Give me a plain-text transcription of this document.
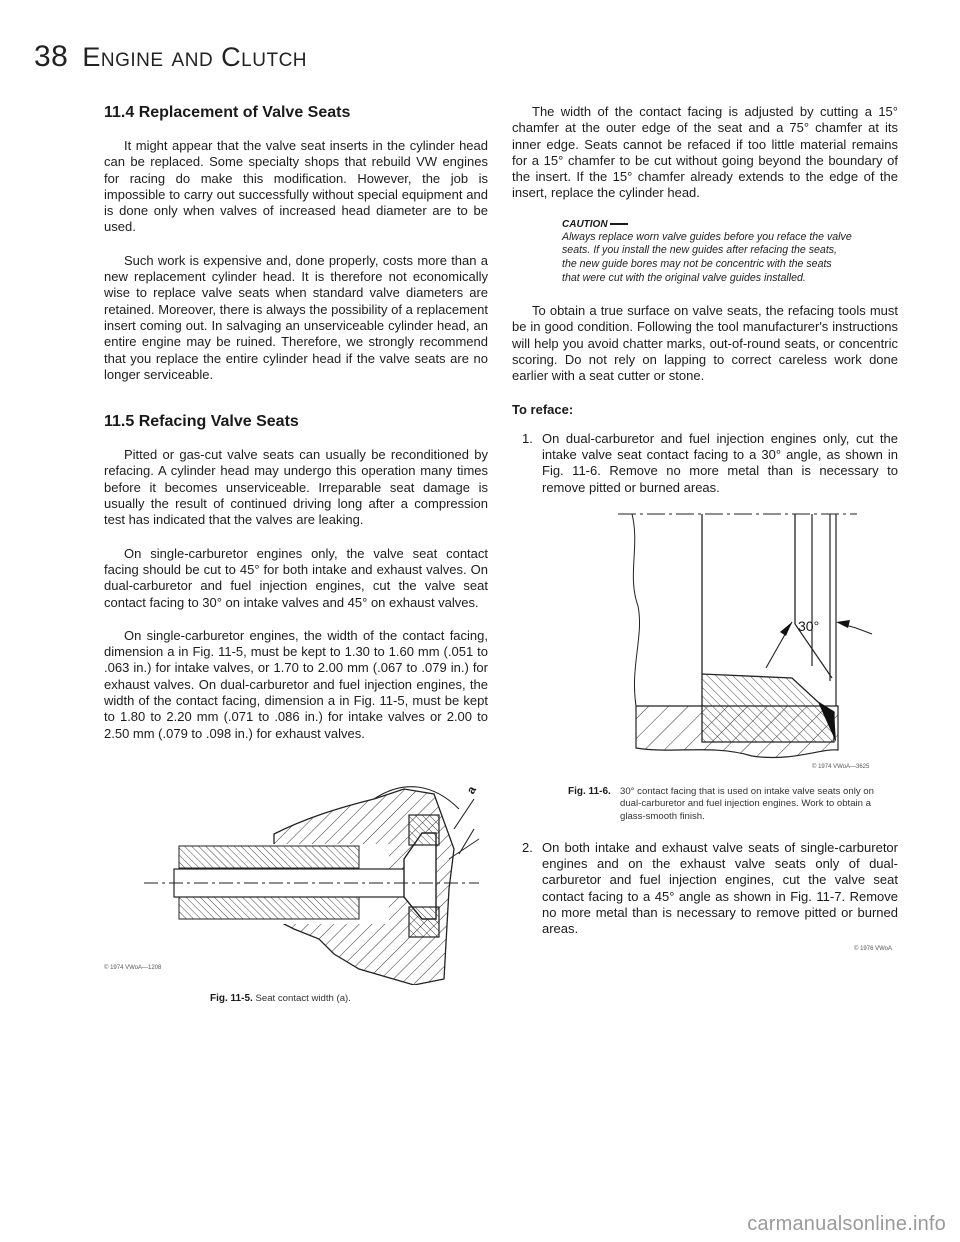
38 Engine and Clutch
11.4 Replacement of Valve Seats

It might appear that the valve seat inserts in the cylinder head can be replaced. Some specialty shops that rebuild VW engines for racing do make this modification. However, the job is impossible to carry out successfully without special equipment and is done only when valves of increased head diameter are to be used.

Such work is expensive and, done properly, costs more than a new replacement cylinder head. It is therefore not economically wise to replace valve seats when standard valve diameters are retained. Moreover, there is always the possibility of a replacement insert coming out. In salvaging an unserviceable cylinder head, an entire engine may be ruined. Therefore, we strongly recommend that you replace the entire cylinder head if the valve seats are no longer serviceable.

11.5 Refacing Valve Seats

Pitted or gas-cut valve seats can usually be reconditioned by refacing. A cylinder head may undergo this operation many times before it becomes unserviceable. Irreparable seat damage is usually the result of continued driving long after a compression test has indicated that the valves are leaking.

On single-carburetor engines only, the valve seat contact facing should be cut to 45° for both intake and exhaust valves. On dual-carburetor and fuel injection engines, cut the valve seat contact facing to 30° on intake valves and 45° on exhaust valves.

On single-carburetor engines, the width of the contact facing, dimension a in Fig. 11-5, must be kept to 1.30 to 1.60 mm (.051 to .063 in.) for intake valves, or 1.70 to 2.00 mm (.067 to .079 in.) for exhaust valves. On dual-carburetor and fuel injection engines, the width of the contact facing, dimension a in Fig. 11-5, must be kept to 1.80 to 2.20 mm (.071 to .086 in.) for intake valves or 2.00 to 2.50 mm (.079 to .098 in.) for exhaust valves.

a
© 1974 VWoA—1208
Fig. 11-5. Seat contact width (a).

The width of the contact facing is adjusted by cutting a 15° chamfer at the outer edge of the seat and a 75° chamfer at its inner edge. Seats cannot be refaced if too little material remains for a 15° chamfer to be cut without going beyond the boundary of the insert. If the 15° chamfer already extends to the edge of the insert, replace the cylinder head.

CAUTION
Always replace worn valve guides before you reface the valve seats. If you install the new guides after refacing the seats, the new guide bores may not be concentric with the seats that were cut with the original valve guides installed.

To obtain a true surface on valve seats, the refacing tools must be in good condition. Following the tool manufacturer's instructions will help you avoid chatter marks, out-of-round seats, or concentric scoring. Do not rely on lapping to correct careless work done earlier with a seat cutter or stone.

To reface:
1. On dual-carburetor and fuel injection engines only, cut the intake valve seat contact facing to a 30° angle, as shown in Fig. 11-6. Remove no more metal than is necessary to remove pitted or burned areas.
30°
© 1974 VWoA—3625
Fig. 11-6. 30° contact facing that is used on intake valve seats only on dual-carburetor and fuel injection engines. Work to obtain a glass-smooth finish.
2. On both intake and exhaust valve seats of single-carburetor engines and on the exhaust valve seats only of dual-carburetor and fuel injection engines, cut the valve seat contact facing to a 45° angle as shown in Fig. 11-7. Remove no more metal than is necessary to remove pitted or burned areas.
© 1976 VWoA
carmanualsonline.info
